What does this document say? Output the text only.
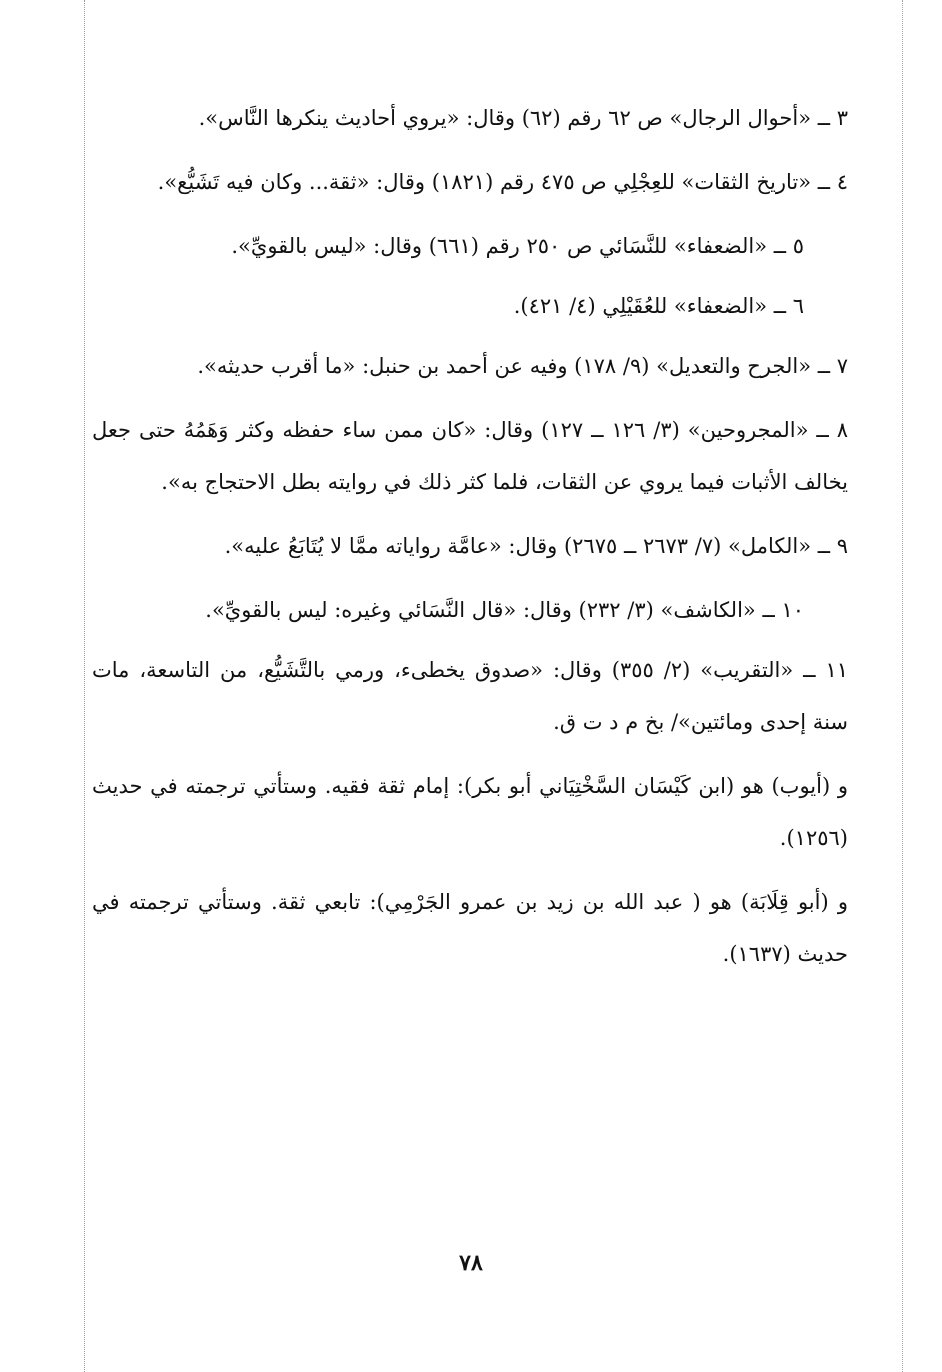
٣ ــ «أحوال الرجال» ص ٦٢ رقم (٦٢) وقال: «يروي أحاديث ينكرها النَّاس».

٤ ــ «تاريخ الثقات» للعِجْلِي ص ٤٧٥ رقم (١٨٢١) وقال: «ثقة... وكان فيه تَشَيُّع».

٥ ــ «الضعفاء» للنَّسَائي ص ٢٥٠ رقم (٦٦١) وقال: «ليس بالقويِّ».

٦ ــ «الضعفاء» للعُقَيْلِي (٤/ ٤٢١).

٧ ــ «الجرح والتعديل» (٩/ ١٧٨) وفيه عن أحمد بن حنبل: «ما أقرب حديثه».

٨ ــ «المجروحين» (٣/ ١٢٦ ــ ١٢٧) وقال: «كان ممن ساء حفظه وكثر وَهَمُهُ حتى جعل يخالف الأثبات فيما يروي عن الثقات، فلما كثر ذلك في روايته بطل الاحتجاج به».

٩ ــ «الكامل» (٧/ ٢٦٧٣ ــ ٢٦٧٥) وقال: «عامَّة رواياته ممَّا لا يُتَابَعُ عليه».

١٠ ــ «الكاشف» (٣/ ٢٣٢) وقال: «قال النَّسَائي وغيره: ليس بالقويِّ».

١١ ــ «التقريب» (٢/ ٣٥٥) وقال: «صدوق يخطىء، ورمي بالتَّشَيُّع، من التاسعة، مات سنة إحدى ومائتين»/ بخ م د ت ق.

و (أيوب) هو (ابن كَيْسَان السَّخْتِيَاني أبو بكر): إمام ثقة فقيه. وستأتي ترجمته في حديث (١٢٥٦).

و (أبو قِلَابَة) هو ( عبد الله بن زيد بن عمرو الجَرْمِي): تابعي ثقة. وستأتي ترجمته في حديث (١٦٣٧).

٧٨
